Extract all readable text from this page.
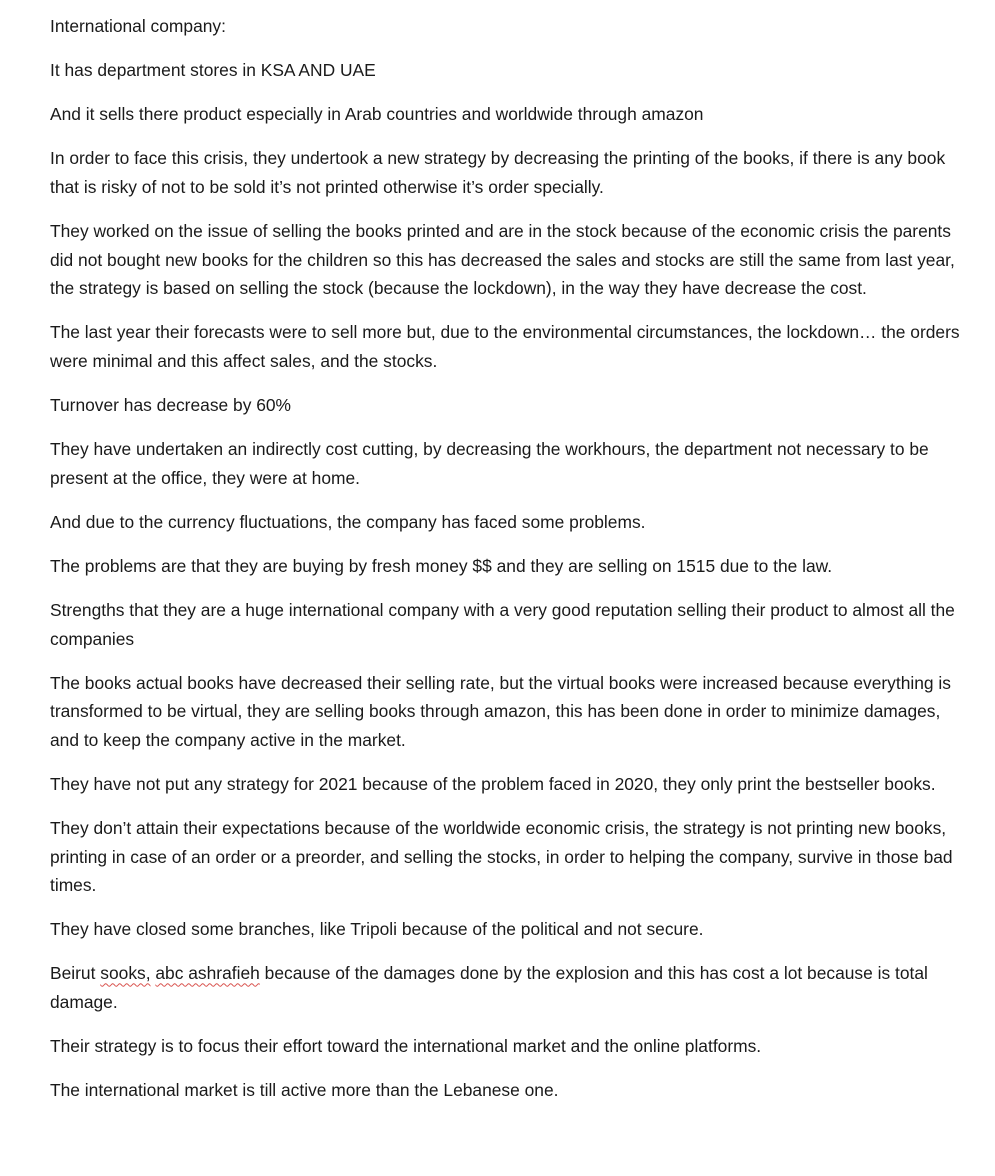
International company:

It has department stores in KSA AND UAE

And it sells there product especially in Arab countries and worldwide through amazon

In order to face this crisis, they undertook a new strategy by decreasing the printing of the books, if there is any book that is risky of not to be sold it’s not printed otherwise it’s order specially.

They worked on the issue of selling the books printed and are in the stock because of the economic crisis the parents did not bought new books for the children so this has decreased the sales and stocks are still the same from last year, the strategy is based on selling the stock (because the lockdown), in the way they have decrease the cost.

The last year their forecasts were to sell more but, due to the environmental circumstances, the lockdown… the orders were minimal and this affect sales, and the stocks.

Turnover has decrease by 60%

They have undertaken an indirectly cost cutting, by decreasing the workhours, the department not necessary to be present at the office, they were at home.

And due to the currency fluctuations, the company has faced some problems.

The problems are that they are buying by fresh money $$ and they are selling on 1515 due to the law.

Strengths that they are a huge international company with a very good reputation selling their product to almost all the companies

The books actual books have decreased their selling rate, but the virtual books were increased because everything is transformed to be virtual, they are selling books through amazon, this has been done in order to minimize damages, and to keep the company active in the market.

They have not put any strategy for 2021 because of the problem faced in 2020, they only print the bestseller books.

They don’t attain their expectations because of the worldwide economic crisis, the strategy is not printing new books, printing in case of an order or a preorder, and selling the stocks, in order to helping the company, survive in those bad times.

They have closed some branches, like Tripoli because of the political and not secure.

Beirut sooks, abc ashrafieh because of the damages done by the explosion and this has cost a lot because is total damage.

Their strategy is to focus their effort toward the international market and the online platforms.

The international market is till active more than the Lebanese one.
